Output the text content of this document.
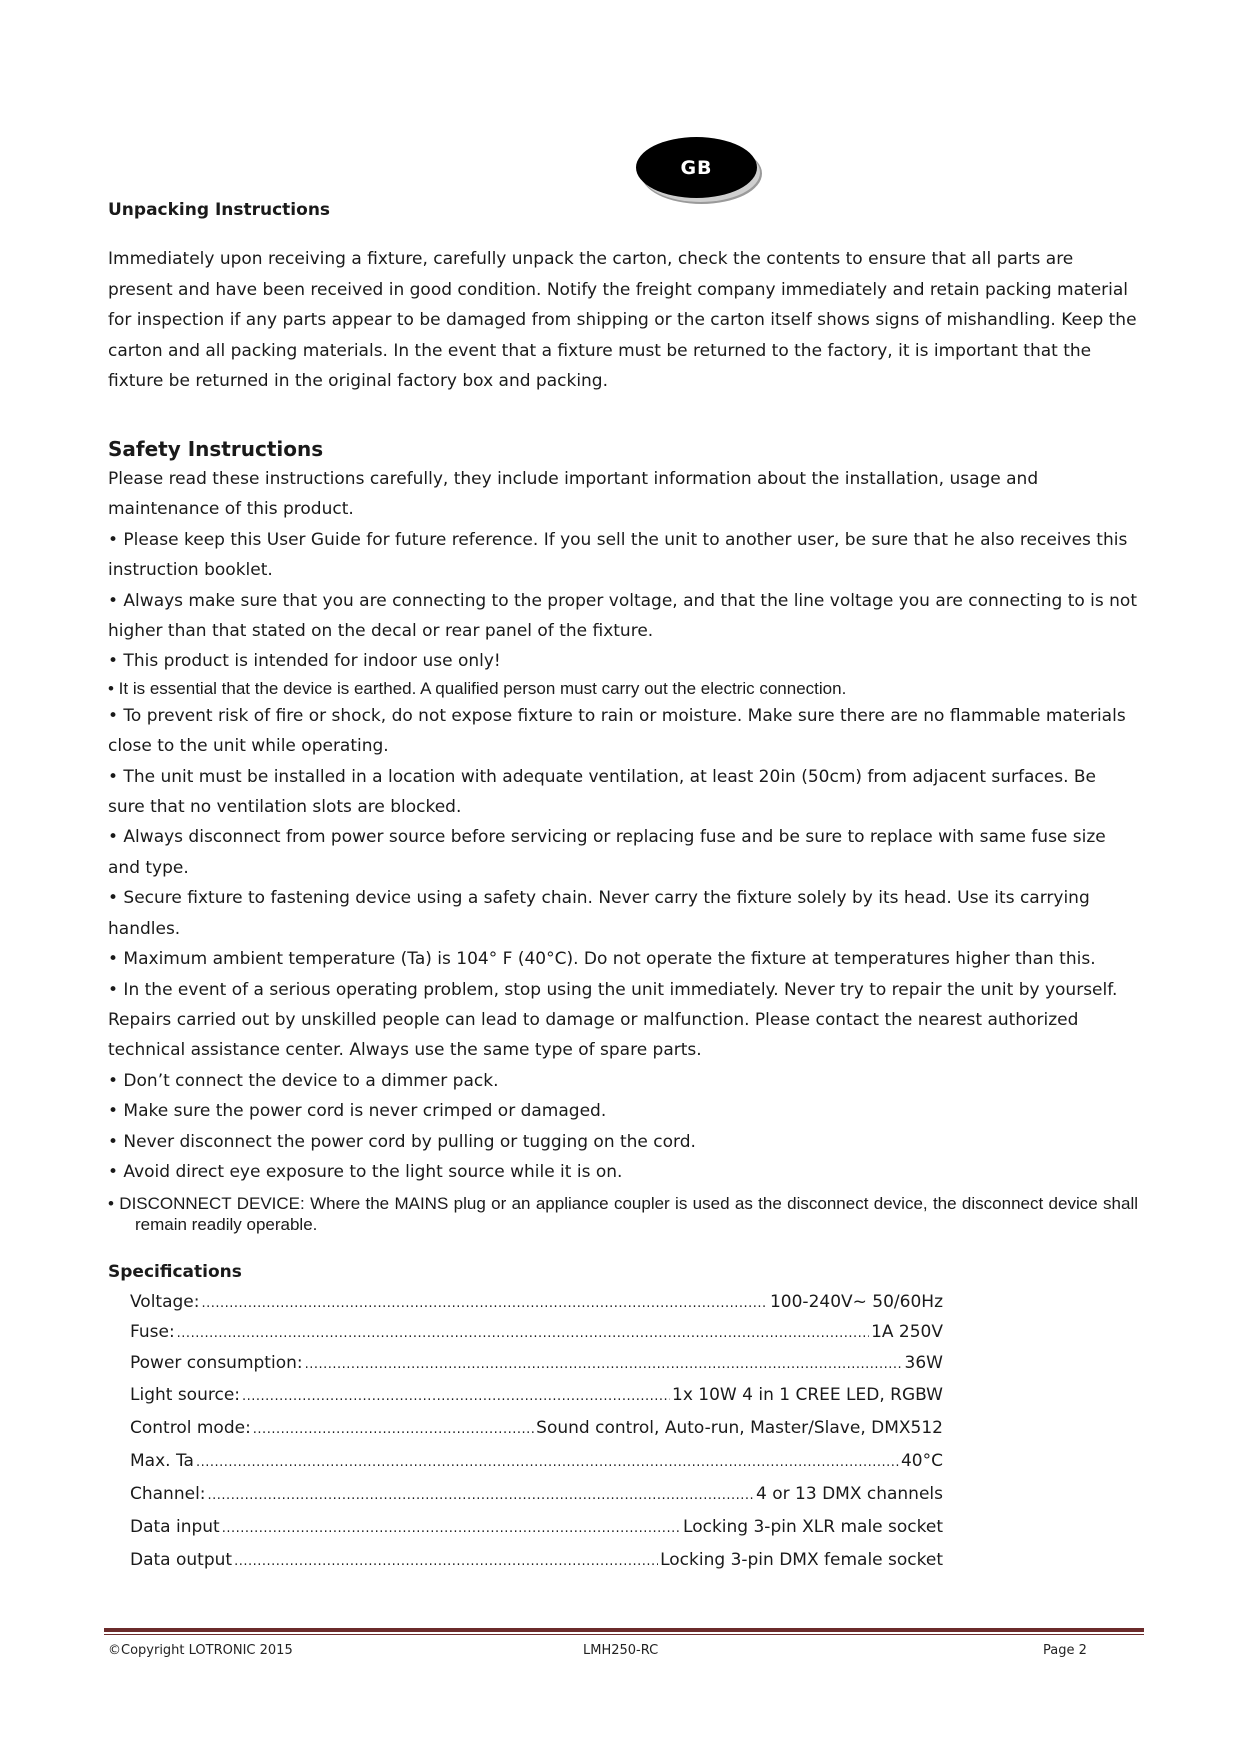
GB
Unpacking Instructions

Immediately upon receiving a fixture, carefully unpack the carton, check the contents to ensure that all parts are present and have been received in good condition. Notify the freight company immediately and retain packing material for inspection if any parts appear to be damaged from shipping or the carton itself shows signs of mishandling. Keep the carton and all packing materials. In the event that a fixture must be returned to the factory, it is important that the fixture be returned in the original factory box and packing.

Safety Instructions

Please read these instructions carefully, they include important information about the installation, usage and maintenance of this product.

• Please keep this User Guide for future reference. If you sell the unit to another user, be sure that he also receives this instruction booklet.

• Always make sure that you are connecting to the proper voltage, and that the line voltage you are connecting to is not higher than that stated on the decal or rear panel of the fixture.

• This product is intended for indoor use only!

• It is essential that the device is earthed. A qualified person must carry out the electric connection.

• To prevent risk of fire or shock, do not expose fixture to rain or moisture. Make sure there are no flammable materials close to the unit while operating.

• The unit must be installed in a location with adequate ventilation, at least 20in (50cm) from adjacent surfaces. Be sure that no ventilation slots are blocked.

• Always disconnect from power source before servicing or replacing fuse and be sure to replace with same fuse size and type.

• Secure fixture to fastening device using a safety chain. Never carry the fixture solely by its head. Use its carrying handles.

• Maximum ambient temperature (Ta) is 104° F (40°C). Do not operate the fixture at temperatures higher than this.

• In the event of a serious operating problem, stop using the unit immediately. Never try to repair the unit by yourself. Repairs carried out by unskilled people can lead to damage or malfunction. Please contact the nearest authorized technical assistance center. Always use the same type of spare parts.

• Don’t connect the device to a dimmer pack.

• Make sure the power cord is never crimped or damaged.

• Never disconnect the power cord by pulling or tugging on the cord.

• Avoid direct eye exposure to the light source while it is on.

• DISCONNECT DEVICE: Where the MAINS plug or an appliance coupler is used as the disconnect device, the disconnect device shall remain readily operable.

Specifications
Voltage: .....	100-240V~ 50/60Hz
Fuse: .....	1A 250V
Power consumption: .....	36W
Light source: .....	1x 10W 4 in 1 CREE LED, RGBW
Control mode: .....	Sound control, Auto-run, Master/Slave, DMX512
Max. Ta .....	40°C
Channel: .....	4 or 13 DMX channels
Data input .....	Locking 3-pin XLR male socket
Data output .....	Locking 3-pin DMX female socket
©Copyright LOTRONIC 2015	LMH250-RC	Page 2
